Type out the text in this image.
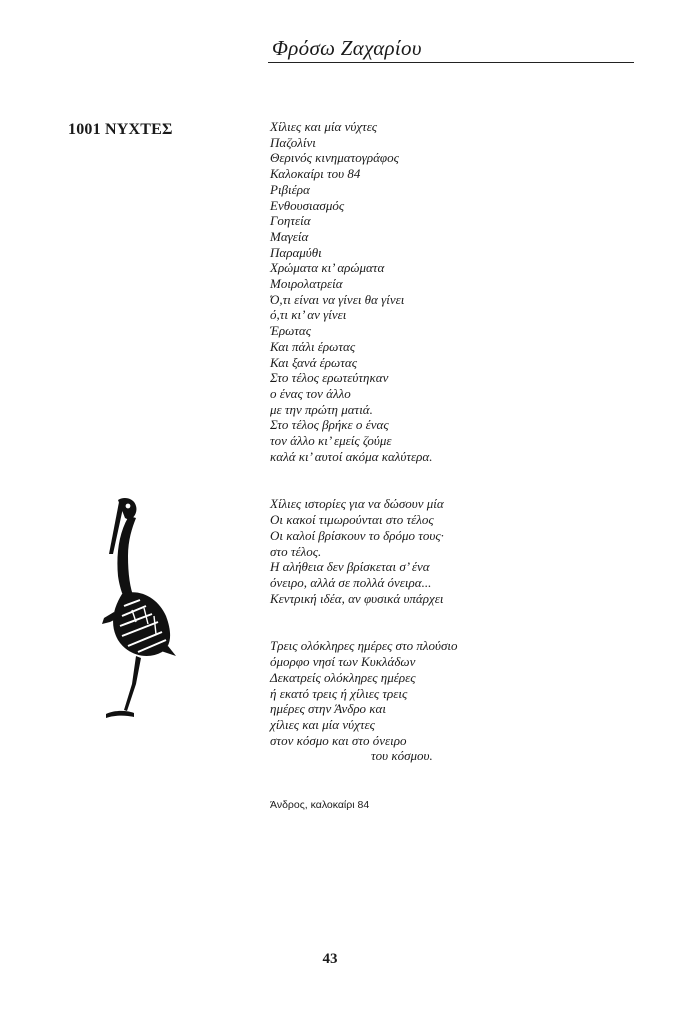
Φρόσω Ζαχαρίου
1001 ΝΥΧΤΕΣ	Χίλιες και μία νύχτες
Παζολίνι
Θερινός κινηματογράφος
Καλοκαίρι του 84
Ριβιέρα
Ενθουσιασμός
Γοητεία
Μαγεία
Παραμύθι
Χρώματα κι’ αρώματα
Μοιρολατρεία
Ό,τι είναι να γίνει θα γίνει
ό,τι κι’ αν γίνει
Έρωτας
Και πάλι έρωτας
Και ξανά έρωτας
Στο τέλος ερωτεύτηκαν
ο ένας τον άλλο
με την πρώτη ματιά.
Στο τέλος βρήκε ο ένας
τον άλλο κι’ εμείς ζούμε
καλά κι’ αυτοί ακόμα καλύτερα.
Χίλιες ιστορίες για να δώσουν μία
Οι κακοί τιμωρούνται στο τέλος
Οι καλοί βρίσκουν το δρόμο τους·
στο τέλος.
Η αλήθεια δεν βρίσκεται σ’ ένα
όνειρο, αλλά σε πολλά όνειρα...
Κεντρική ιδέα, αν φυσικά υπάρχει
Τρεις ολόκληρες ημέρες στο πλούσιο
όμορφο νησί των Κυκλάδων
Δεκατρείς ολόκληρες ημέρες
ή εκατό τρεις ή χίλιες τρεις
ημέρες στην Άνδρο και
χίλιες και μία νύχτες
στον κόσμο και στο όνειρο
του κόσμου.
Άνδρος, καλοκαίρι 84
43
